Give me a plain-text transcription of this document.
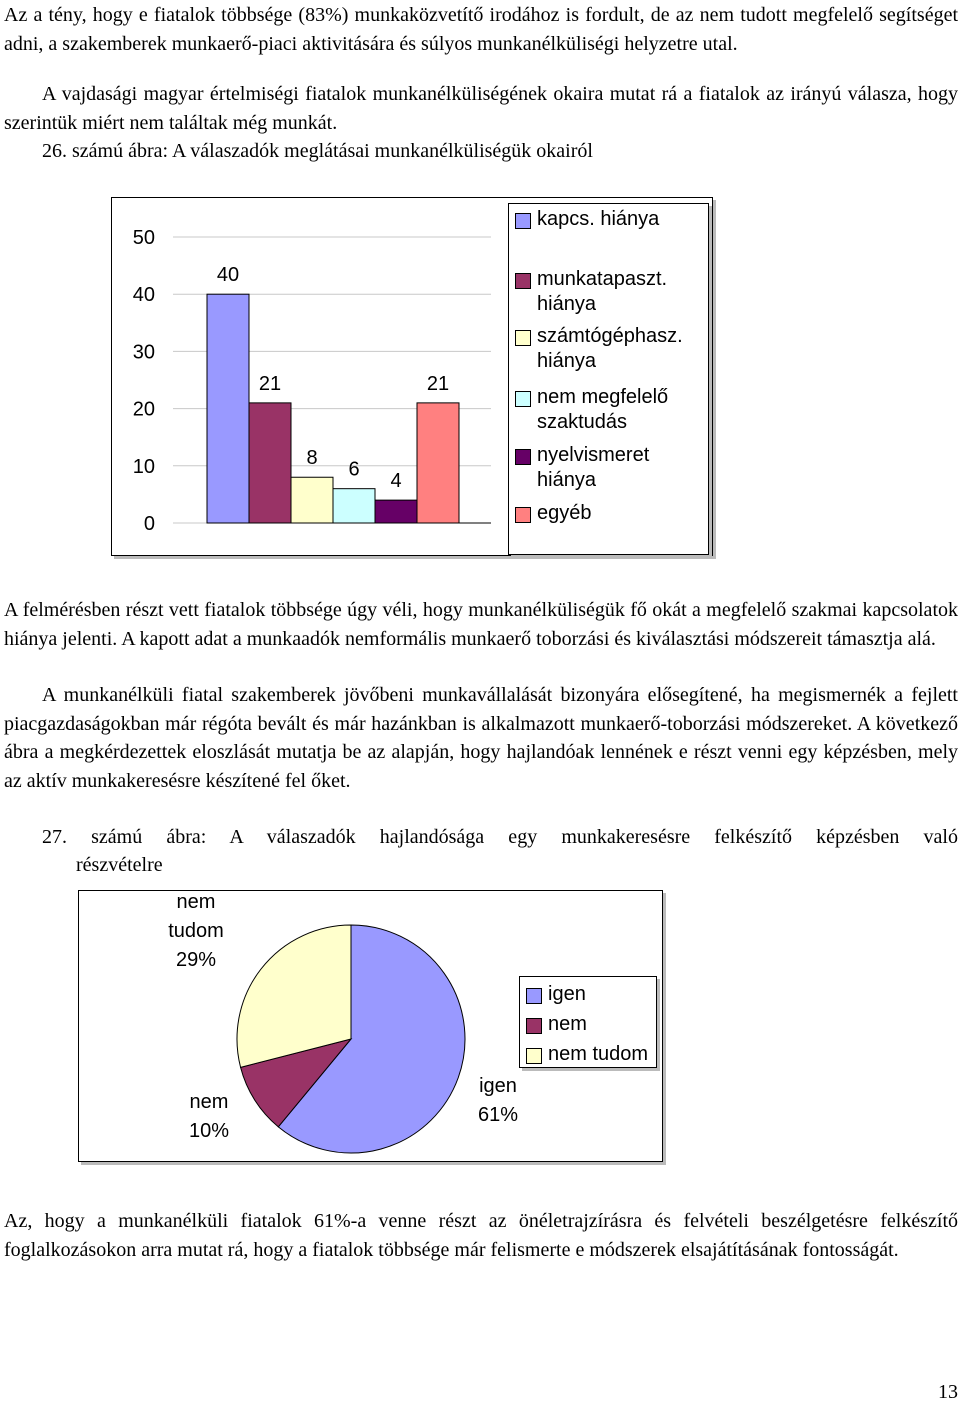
Az a tény, hogy e fiatalok többsége (83%) munkaközvetítő irodához is fordult, de az nem tudott megfelelő segítséget adni, a szakemberek munkaerő-piaci aktivitására és súlyos munkanélküliségi helyzetre utal.

A vajdasági magyar értelmiségi fiatalok munkanélküliségének okaira mutat rá a fiatalok az irányú válasza, hogy szerintük miért nem találtak még munkát.

26. számú ábra: A válaszadók meglátásai munkanélküliségük okairól

0
10
20
30
40
50
40
21
8
6
4
21
kapcs. hiánya
munkatapaszt.
hiánya
számtógéphasz.
hiánya
nem megfelelő
szaktudás
nyelvismeret
hiánya
egyéb

A felmérésben részt vett fiatalok többsége úgy véli, hogy munkanélküliségük fő okát a megfelelő szakmai kapcsolatok hiánya jelenti. A kapott adat a munkaadók nemformális munkaerő toborzási és kiválasztási módszereit támasztja alá.

A munkanélküli fiatal szakemberek jövőbeni munkavállalását bizonyára elősegítené, ha megismernék a fejlett piacgazdaságokban már régóta bevált és már hazánkban is alkalmazott munkaerő-toborzási módszereket. A következő ábra a megkérdezettek eloszlását mutatja be az alapján, hogy hajlandóak lennének e részt venni egy képzésben, mely az aktív munkakeresésre készítené fel őket.

27. számú ábra: A válaszadók hajlandósága egy munkakeresésre felkészítő képzésben való

részvételre

igen
61%
nem
10%
nem
tudom
29%
igen
nem
nem tudom

Az, hogy a munkanélküli fiatalok 61%-a venne részt az önéletrajzírásra és felvételi beszélgetésre felkészítő foglalkozásokon arra mutat rá, hogy a fiatalok többsége már felismerte e módszerek elsajátításának fontosságát.

13
